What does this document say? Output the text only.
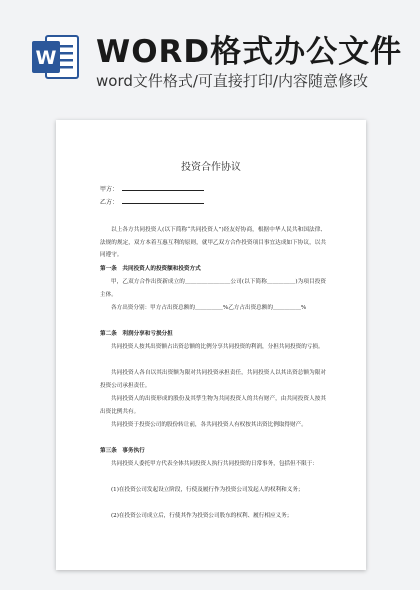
W WORD格式办公文件
word文件格式/可直接打印/内容随意修改
投资合作协议
甲方：
乙方：

以上各方共同投资人(以下简称“共同投资人”)经友好协商，根据中华人民共和国法律、法规的规定，双方本着互惠互利的原则，就甲乙双方合作投资项目事宜达成如下协议，以共同遵守。

第一条　共同投资人的投资额和投资方式

甲，乙双方合作出资新成立的＿＿＿＿＿＿＿＿公司(以下简称＿＿＿＿＿)为项目投资主体。

各方出资分别：甲方占出资总额的＿＿＿＿＿%乙方占出资总额的＿＿＿＿＿%

第二条　利润分享和亏损分担

共同投资人按其出资额占出资总额的比例分享共同投资的利润，分担共同投资的亏损。

共同投资人各自以其出资额为限对共同投资承担责任，共同投资人以其出资总额为限对投资公司承担责任。

共同投资人的出资形成的股份及其孳生物为共同投资人的共有财产，由共同投资人按其出资比例共有。

共同投资于投资公司的股份转让前，各共同投资人有权按其出资比例取得财产。

第三条　事务执行

共同投资人委托甲方代表全体共同投资人执行共同投资的日常事务，包括但不限于：

(1)在投资公司发起设立阶段，行使及履行作为投资公司发起人的权利和义务；

(2)在投资公司成立后，行使其作为投资公司股东的权利、履行相应义务；
